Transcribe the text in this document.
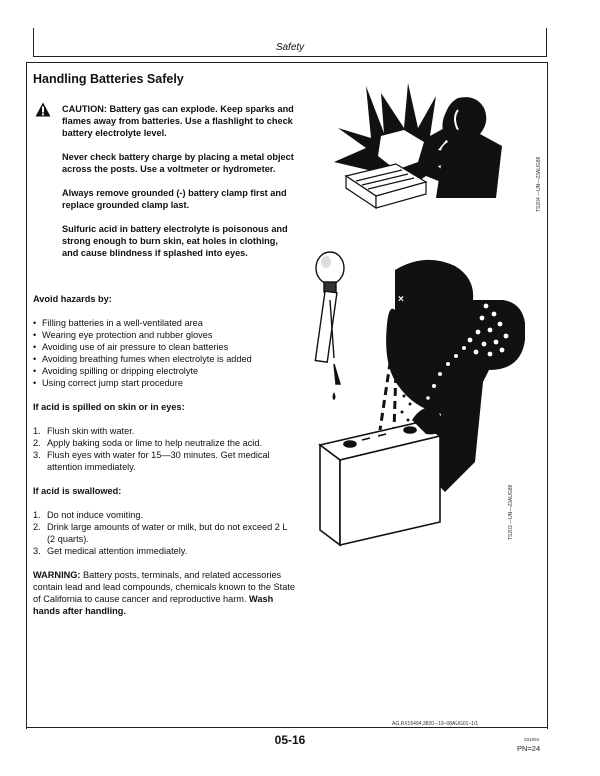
Safety
Handling Batteries Safely

CAUTION: Battery gas can explode. Keep sparks and flames away from batteries. Use a flashlight to check battery electrolyte level.

Never check battery charge by placing a metal object across the posts. Use a voltmeter or hydrometer.

Always remove grounded (-) battery clamp first and replace grounded clamp last.

Sulfuric acid in battery electrolyte is poisonous and strong enough to burn skin, eat holes in clothing, and cause blindness if splashed into eyes.

Avoid hazards by:
• Filling batteries in a well-ventilated area
• Wearing eye protection and rubber gloves
• Avoiding use of air pressure to clean batteries
• Avoiding breathing fumes when electrolyte is added
• Avoiding spilling or dripping electrolyte
• Using correct jump start procedure
If acid is spilled on skin or in eyes:
1. Flush skin with water.
2. Apply baking soda or lime to help neutralize the acid.
3. Flush eyes with water for 15—30 minutes. Get medical attention immediately.
If acid is swallowed:
1. Do not induce vomiting.
2. Drink large amounts of water or milk, but do not exceed 2 L (2 quarts).
3. Get medical attention immediately.

WARNING: Battery posts, terminals, and related accessories contain lead and lead compounds, chemicals known to the State of California to cause cancer and reproductive harm. Wash hands after handling.

TS204 —UN—23AUG88
×
TS203 —UN—23AUG88
AG,RX15494,3820 –19–08AUG01–1/1
05-16	031004
PN=24
